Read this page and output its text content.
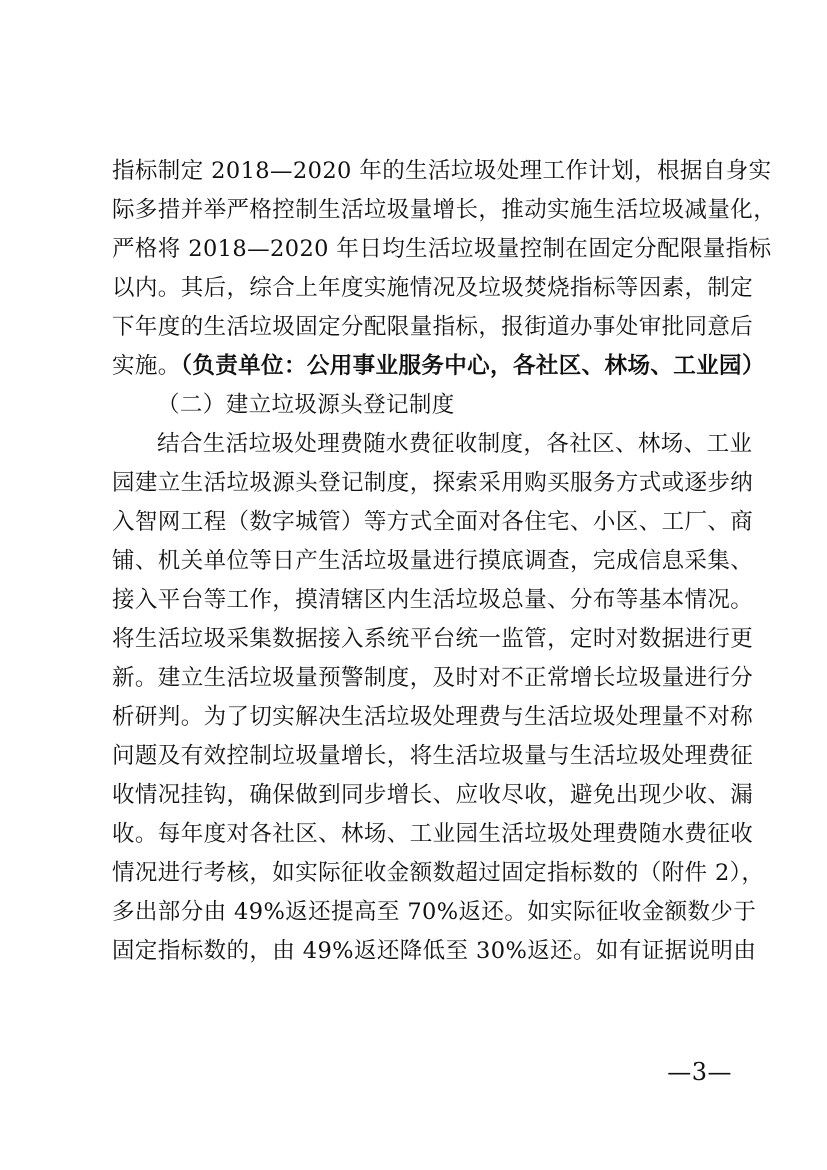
指标制定 2018—2020 年的生活垃圾处理工作计划，根据自身实
际多措并举严格控制生活垃圾量增长，推动实施生活垃圾减量化，
严格将 2018—2020 年日均生活垃圾量控制在固定分配限量指标
以内。其后，综合上年度实施情况及垃圾焚烧指标等因素，制定
下年度的生活垃圾固定分配限量指标，报街道办事处审批同意后
实施。（负责单位：公用事业服务中心，各社区、林场、工业园）
（二）建立垃圾源头登记制度
结合生活垃圾处理费随水费征收制度，各社区、林场、工业
园建立生活垃圾源头登记制度，探索采用购买服务方式或逐步纳
入智网工程（数字城管）等方式全面对各住宅、小区、工厂、商
铺、机关单位等日产生活垃圾量进行摸底调查，完成信息采集、
接入平台等工作，摸清辖区内生活垃圾总量、分布等基本情况。
将生活垃圾采集数据接入系统平台统一监管，定时对数据进行更
新。建立生活垃圾量预警制度，及时对不正常增长垃圾量进行分
析研判。为了切实解决生活垃圾处理费与生活垃圾处理量不对称
问题及有效控制垃圾量增长，将生活垃圾量与生活垃圾处理费征
收情况挂钩，确保做到同步增长、应收尽收，避免出现少收、漏
收。每年度对各社区、林场、工业园生活垃圾处理费随水费征收
情况进行考核，如实际征收金额数超过固定指标数的（附件 2），
多出部分由 49%返还提高至 70%返还。如实际征收金额数少于
固定指标数的，由 49%返还降低至 30%返还。如有证据说明由
—3—
